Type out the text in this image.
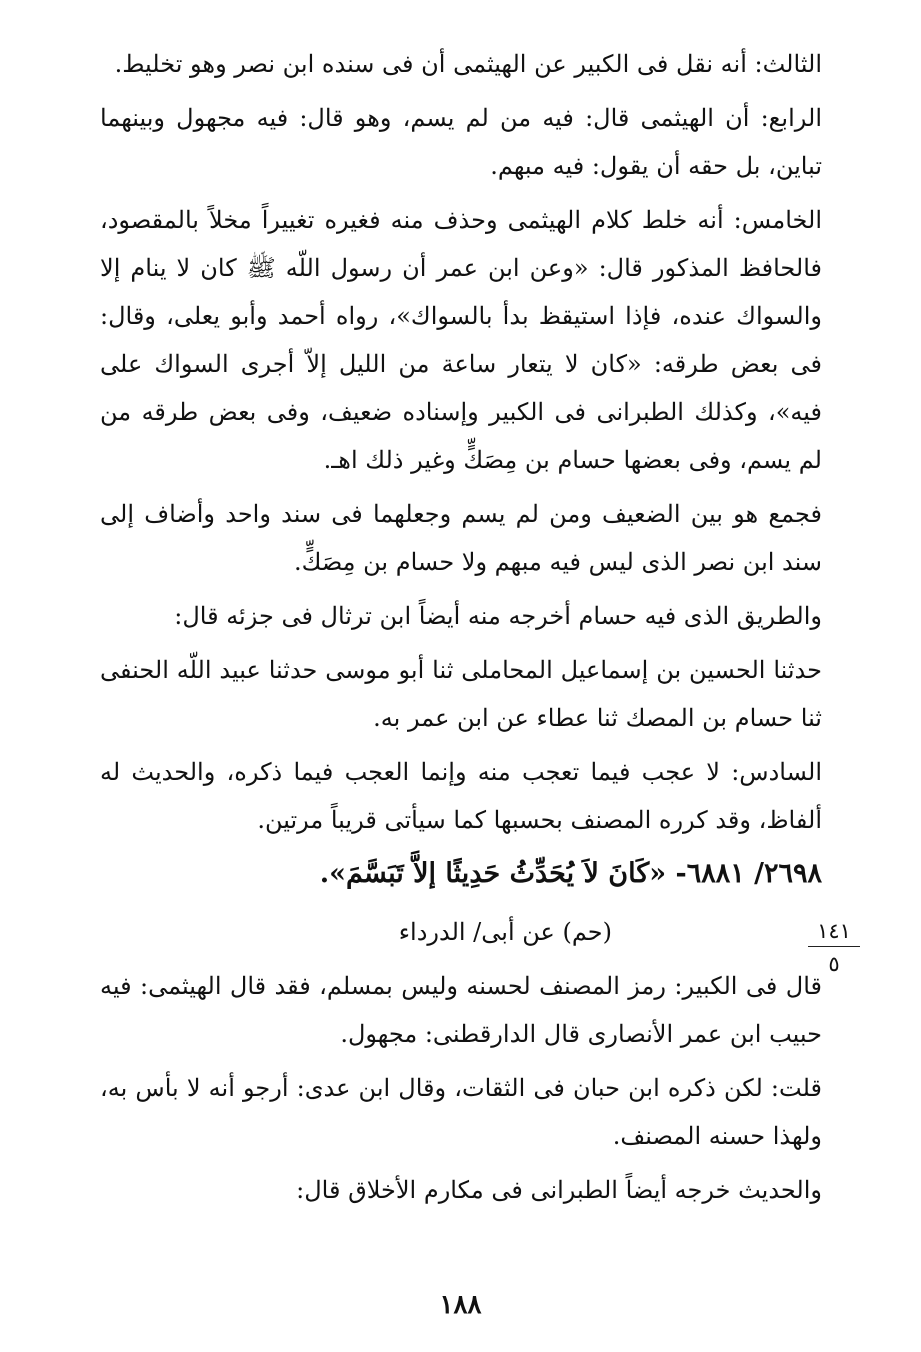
الثالث: أنه نقل فى الكبير عن الهيثمى أن فى سنده ابن نصر وهو تخليط.

الرابع: أن الهيثمى قال: فيه من لم يسم، وهو قال: فيه مجهول وبينهما تباين، بل حقه أن يقول: فيه مبهم.

الخامس: أنه خلط كلام الهيثمى وحذف منه فغيره تغييراً مخلاً بالمقصود، فالحافظ المذكور قال: «وعن ابن عمر أن رسول اللّه ﷺ كان لا ينام إلا والسواك عنده، فإذا استيقظ بدأ بالسواك»، رواه أحمد وأبو يعلى، وقال: فى بعض طرقه: «كان لا يتعار ساعة من الليل إلاّ أجرى السواك على فيه»، وكذلك الطبرانى فى الكبير وإسناده ضعيف، وفى بعض طرقه من لم يسم، وفى بعضها حسام بن مِصَكٍّ وغير ذلك اهـ.

فجمع هو بين الضعيف ومن لم يسم وجعلهما فى سند واحد وأضاف إلى سند ابن نصر الذى ليس فيه مبهم ولا حسام بن مِصَكٍّ.

والطريق الذى فيه حسام أخرجه منه أيضاً ابن ترثال فى جزئه قال:

حدثنا الحسين بن إسماعيل المحاملى ثنا أبو موسى حدثنا عبيد اللّه الحنفى ثنا حسام بن المصك ثنا عطاء عن ابن عمر به.

السادس: لا عجب فيما تعجب منه وإنما العجب فيما ذكره، والحديث له ألفاظ، وقد كرره المصنف بحسبها كما سيأتى قريباً مرتين.

٢٦٩٨/ ٦٨٨١- «كَانَ لاَ يُحَدِّثُ حَدِيثًا إلاَّ تَبَسَّمَ».

(حم) عن أبى/ الدرداء

قال فى الكبير: رمز المصنف لحسنه وليس بمسلم، فقد قال الهيثمى: فيه حبيب ابن عمر الأنصارى قال الدارقطنى: مجهول.

قلت: لكن ذكره ابن حبان فى الثقات، وقال ابن عدى: أرجو أنه لا بأس به، ولهذا حسنه المصنف.

والحديث خرجه أيضاً الطبرانى فى مكارم الأخلاق قال:

١٤١
٥
١٨٨
